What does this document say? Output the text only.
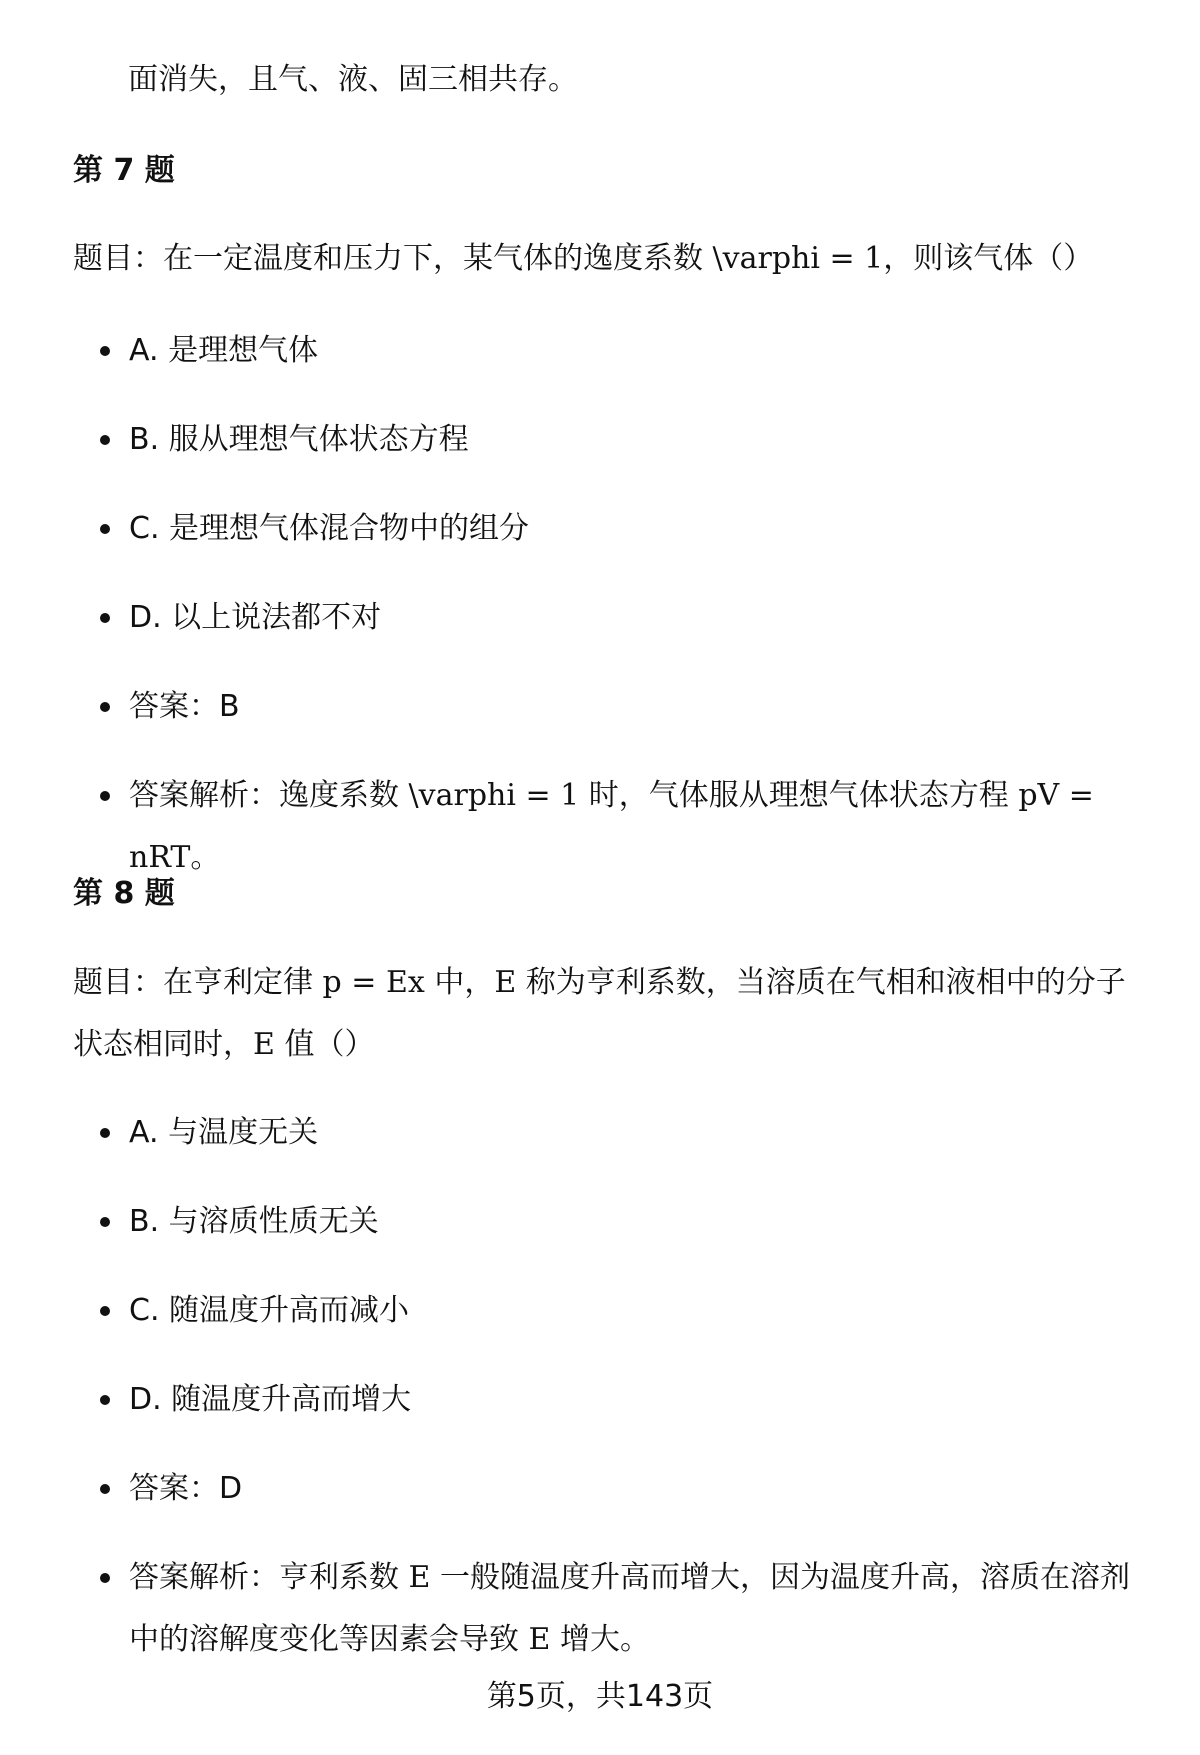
面消失，且气、液、固三相共存。
第 7 题
题目：在一定温度和压力下，某气体的逸度系数 \varphi = 1，则该气体（）
A. 是理想气体
B. 服从理想气体状态方程
C. 是理想气体混合物中的组分
D. 以上说法都不对
答案：B
答案解析：逸度系数 \varphi = 1 时，气体服从理想气体状态方程 pV = nRT。
第 8 题
题目：在亨利定律 p = Ex 中，E 称为亨利系数，当溶质在气相和液相中的分子状态相同时，E 值（）
A. 与温度无关
B. 与溶质性质无关
C. 随温度升高而减小
D. 随温度升高而增大
答案：D
答案解析：亨利系数 E 一般随温度升高而增大，因为温度升高，溶质在溶剂中的溶解度变化等因素会导致 E 增大。
第5页，共143页
